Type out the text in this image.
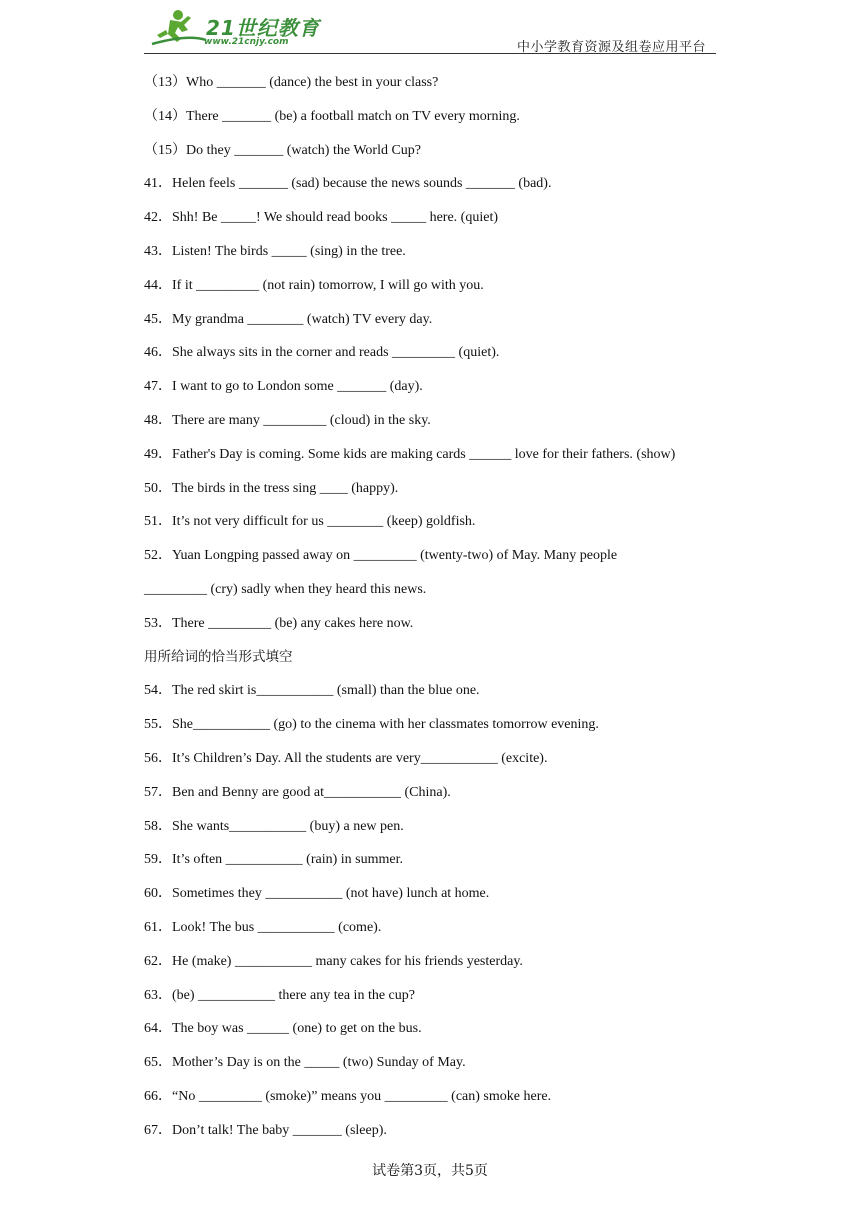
21世纪教育
www.21cnjy.com	中小学教育资源及组卷应用平台
（13）Who _______ (dance) the best in your class?
（14）There _______ (be) a football match on TV every morning.
（15）Do they _______ (watch) the World Cup?
41．Helen feels _______ (sad) because the news sounds _______ (bad).
42．Shh! Be _____! We should read books _____ here. (quiet)
43．Listen! The birds _____ (sing) in the tree.
44．If it _________ (not rain) tomorrow, I will go with you.
45．My grandma ________ (watch) TV every day.
46．She always sits in the corner and reads _________ (quiet).
47．I want to go to London some _______ (day).
48．There are many _________ (cloud) in the sky.
49．Father's Day is coming. Some kids are making cards ______ love for their fathers. (show)
50．The birds in the tress sing ____ (happy).
51．It’s not very difficult for us ________ (keep) goldfish.
52．Yuan Longping passed away on _________ (twenty-two) of May. Many people
_________ (cry) sadly when they heard this news.
53．There _________ (be) any cakes here now.
用所给词的恰当形式填空
54．The red skirt is___________ (small) than the blue one.
55．She___________ (go) to the cinema with her classmates tomorrow evening.
56．It’s Children’s Day. All the students are very___________ (excite).
57．Ben and Benny are good at___________ (China).
58．She wants___________ (buy) a new pen.
59．It’s often ___________ (rain) in summer.
60．Sometimes they ___________ (not have) lunch at home.
61．Look! The bus ___________ (come).
62．He (make) ___________ many cakes for his friends yesterday.
63．(be) ___________ there any tea in the cup?
64．The boy was ______ (one) to get on the bus.
65．Mother’s Day is on the _____ (two) Sunday of May.
66．“No _________ (smoke)” means you _________ (can) smoke here.
67．Don’t talk! The baby _______ (sleep).
试卷第3页，共5页
